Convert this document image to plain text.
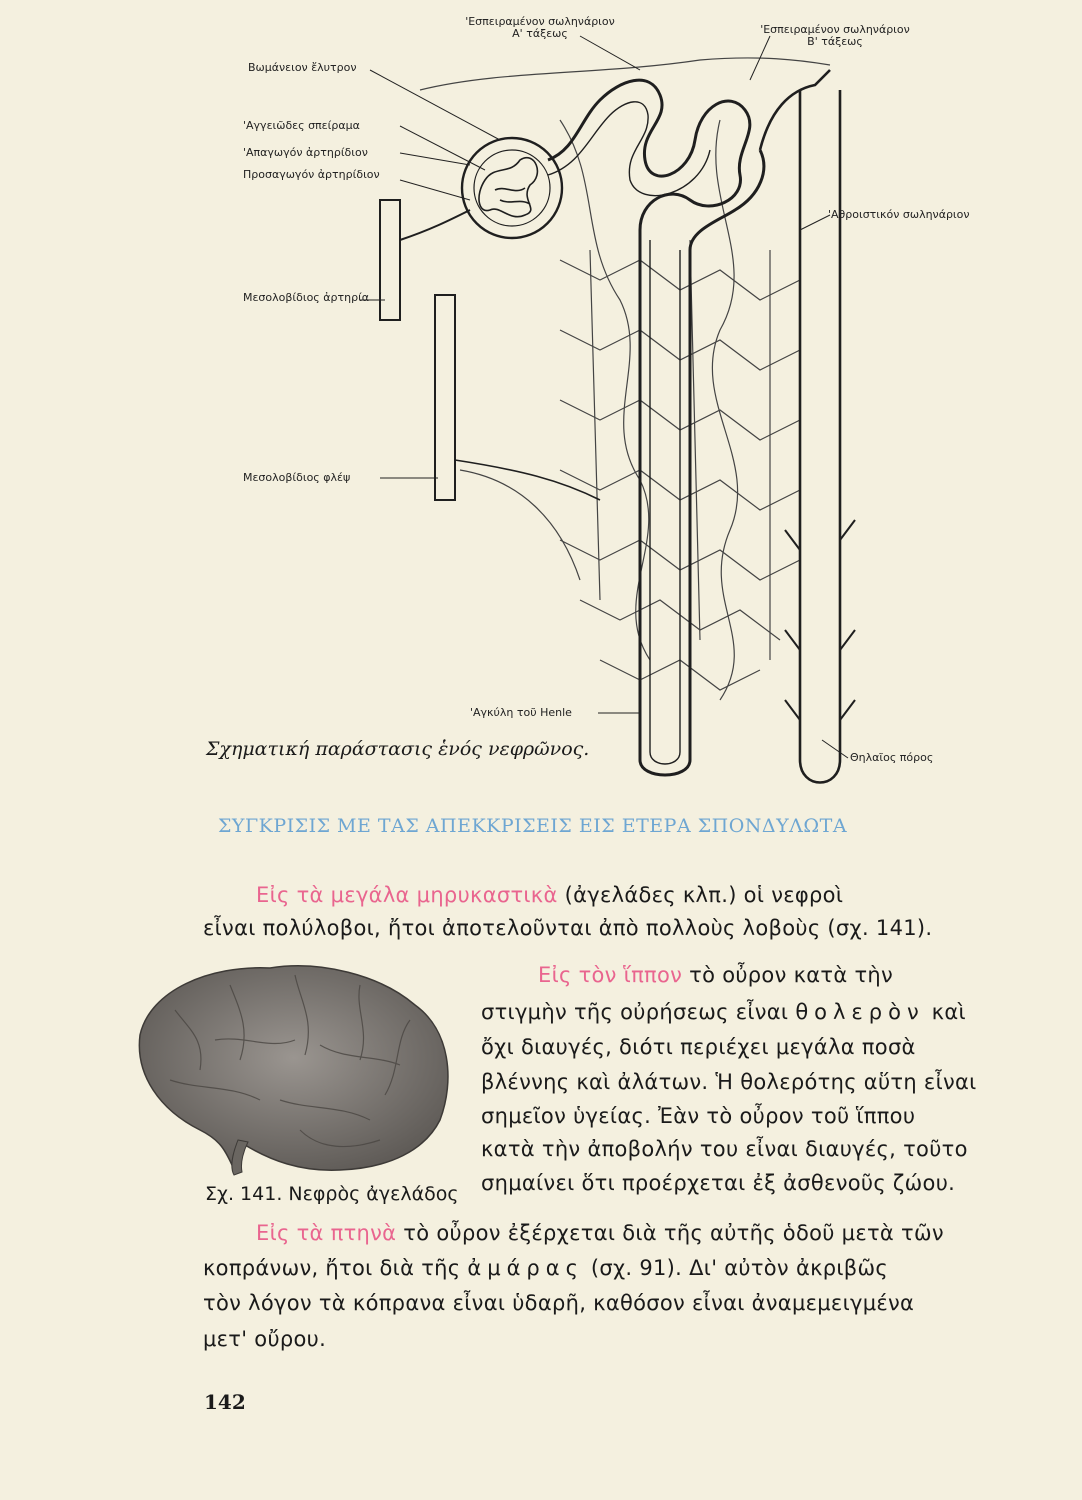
Βωμάνειον ἔλυτρον
'Εσπειραμένον σωληνάριον
Α' τάξεως	'Εσπειραμένον σωληνάριον
Β' τάξεως
'Αγγειῶδες σπείραμα
'Απαγωγόν ἀρτηρίδιον
Προσαγωγόν ἀρτηρίδιον
'Αθροιστικόν σωληνάριον
Μεσολοβίδιος ἀρτηρία
Μεσολοβίδιος φλέψ
'Αγκύλη τοῦ Henle
Θηλαῖος πόρος
Σχηματική παράστασις ἑνός νεφρῶνος.
ΣΥΓΚΡΙΣΙΣ ΜΕ ΤΑΣ ΑΠΕΚΚΡΙΣΕΙΣ ΕΙΣ ΕΤΕΡΑ ΣΠΟΝΔΥΛΩΤΑ
Εἰς τὰ μεγάλα μηρυκαστικὰ (ἀγελάδες κλπ.) οἱ νεφροὶ
εἶναι πολύλοβοι, ἤτοι ἀποτελοῦνται ἀπὸ πολλοὺς λοβοὺς (σχ. 141).
Εἰς τὸν ἵππον τὸ οὖρον κατὰ τὴν
στιγμὴν τῆς οὐρήσεως εἶναι θολερὸν καὶ
ὄχι διαυγές, διότι περιέχει μεγάλα ποσὰ
βλέννης καὶ ἀλάτων. Ἡ θολερότης αὕτη εἶναι
σημεῖον ὑγείας. Ἐὰν τὸ οὖρον τοῦ ἵππου
κατὰ τὴν ἀποβολήν του εἶναι διαυγές, τοῦτο
σημαίνει ὅτι προέρχεται ἐξ ἀσθενοῦς ζώου.
Σχ. 141. Νεφρὸς ἀγελάδος
Εἰς τὰ πτηνὰ τὸ οὖρον ἐξέρχεται διὰ τῆς αὐτῆς ὁδοῦ μετὰ τῶν
κοπράνων, ἤτοι διὰ τῆς ἀμάρας (σχ. 91). Δι' αὐτὸν ἀκριβῶς
τὸν λόγον τὰ κόπρανα εἶναι ὑδαρῆ, καθόσον εἶναι ἀναμεμειγμένα
μετ' οὔρου.
142
